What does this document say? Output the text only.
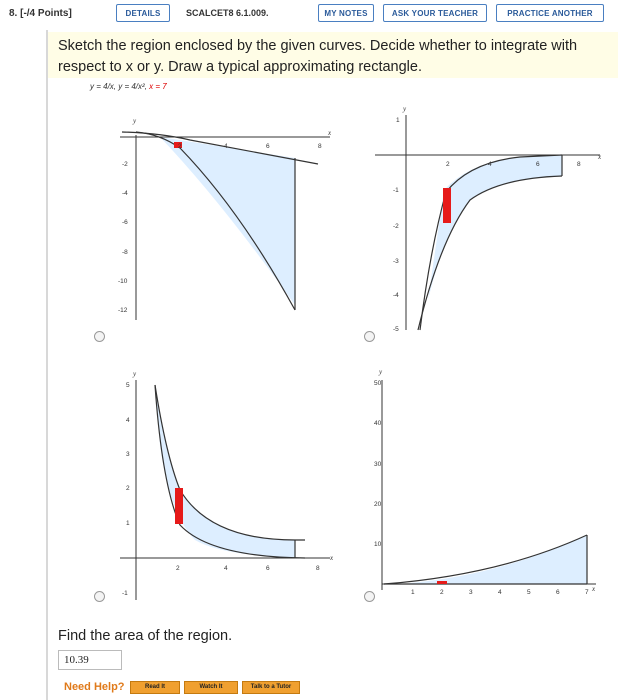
8. [-/4 Points]	DETAILS	SCALCET8 6.1.009.	MY NOTES	ASK YOUR TEACHER	PRACTICE ANOTHER
Sketch the region enclosed by the given curves. Decide whether to integrate with respect to x or y. Draw a typical approximating rectangle.
y = 4/x, y = 4/x², x = 7
y
x
2	4	6	8
-2
-4
-6
-8
-10
-12
y
x
1
2	4	6	8
-1
-2
-3
-4
-5
y
x
5
4
3
2
1
-1
2	4	6	8
y
x
50
40
30
20
10
1	2	3	4	5	6	7
Find the area of the region.
10.39
Need Help?	Read It	Watch It	Talk to a Tutor
